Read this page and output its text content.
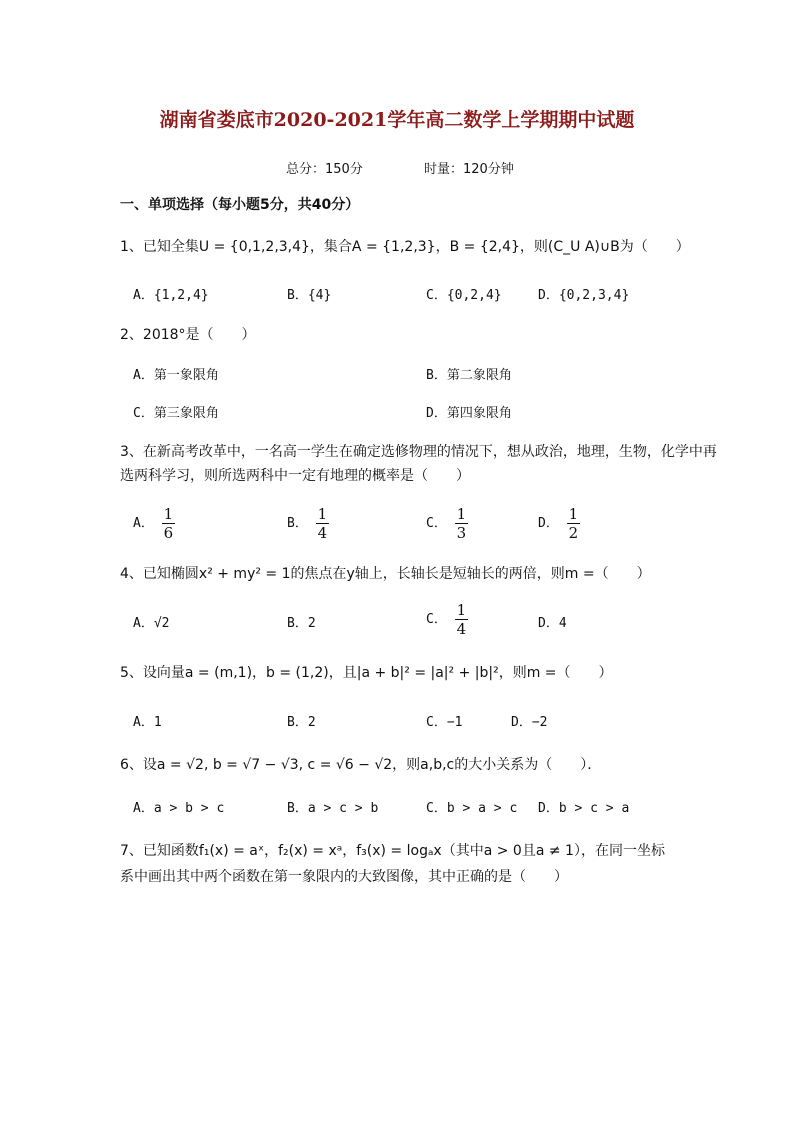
湖南省娄底市2020-2021学年高二数学上学期期中试题
总分：150分	时量：120分钟
一、单项选择（每小题5分，共40分）
1、已知全集U = {0,1,2,3,4}，集合A = {1,2,3}，B = {2,4}，则(C_U A)∪B为（　　）
A．{1,2,4}	B．{4}	C．{0,2,4}	D．{0,2,3,4}
2、2018°是（　　）
A．第一象限角	B．第二象限角
C．第三象限角	D．第四象限角
3、在新高考改革中，一名高一学生在确定选修物理的情况下，想从政治，地理，生物，化学中再
选两科学习，则所选两科中一定有地理的概率是（　　）
A． $\frac{1}{6}$	B． $\frac{1}{4}$	C． $\frac{1}{3}$	D． $\frac{1}{2}$
4、已知椭圆x² + my² = 1的焦点在y轴上，长轴长是短轴长的两倍，则m =（　　）
A．√2	B．2	C． $\frac{1}{4}$	D．4
5、设向量a = (m,1)，b = (1,2)，且|a + b|² = |a|² + |b|²，则m =（　　）
A．1	B．2	C．−1	D．−2
6、设a = √2, b = √7 − √3, c = √6 − √2，则a,b,c的大小关系为（　　）．
A．a > b > c	B．a > c > b	C．b > a > c D．b > c > a
7、已知函数f₁(x) = aˣ，f₂(x) = xᵃ，f₃(x) = logₐx（其中a > 0且a ≠ 1），在同一坐标
系中画出其中两个函数在第一象限内的大致图像，其中正确的是（　　）
